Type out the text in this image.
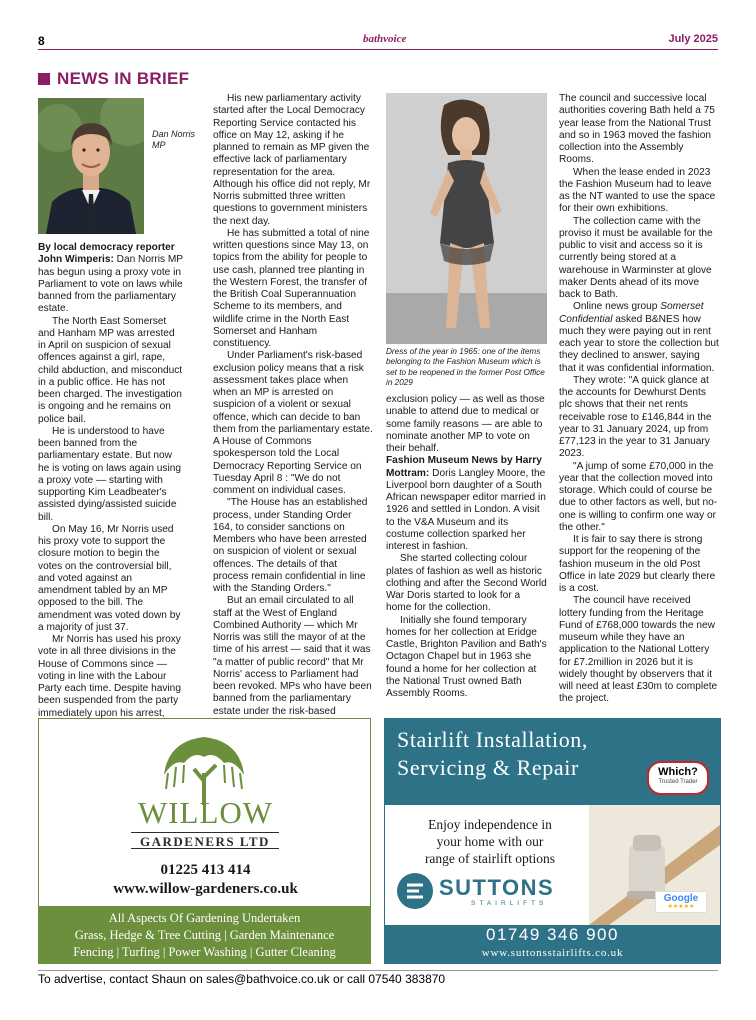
8	bathvoice	July 2025
NEWS IN BRIEF
Dan Norris
MP

By local democracy reporter John Wimperis: Dan Norris MP has begun using a proxy vote in Parliament to vote on laws while banned from the parliamentary estate.

The North East Somerset and Hanham MP was arrested in April on suspicion of sexual offences against a girl, rape, child abduction, and misconduct in a public office. He has not been charged. The investigation is ongoing and he remains on police bail.

He is understood to have been banned from the parliamentary estate. But now he is voting on laws again using a proxy vote — starting with supporting Kim Leadbeater's assisted dying/assisted suicide bill.

On May 16, Mr Norris used his proxy vote to support the closure motion to begin the votes on the controversial bill, and voted against an amendment tabled by an MP opposed to the bill. The amendment was voted down by a majority of just 37.

Mr Norris has used his proxy vote in all three divisions in the House of Commons since — voting in line with the Labour Party each time. Despite having been suspended from the party immediately upon his arrest,

His new parliamentary activity started after the Local Democracy Reporting Service contacted his office on May 12, asking if he planned to remain as MP given the effective lack of parliamentary representation for the area. Although his office did not reply, Mr Norris submitted three written questions to government ministers the next day.

He has submitted a total of nine written questions since May 13, on topics from the ability for people to use cash, planned tree planting in the Western Forest, the transfer of the British Coal Superannuation Scheme to its members, and wildlife crime in the North East Somerset and Hanham constituency.

Under Parliament's risk-based exclusion policy means that a risk assessment takes place when when an MP is arrested on suspicion of a violent or sexual offence, which can decide to ban them from the parliamentary estate. A House of Commons spokesperson told the Local Democracy Reporting Service on Tuesday April 8 : "We do not comment on individual cases.

"The House has an established process, under Standing Order 164, to consider sanctions on Members who have been arrested on suspicion of violent or sexual offences. The details of that process remain confidential in line with the Standing Orders."

But an email circulated to all staff at the West of England Combined Authority — which Mr Norris was still the mayor of at the time of his arrest — said that it was "a matter of public record" that Mr Norris' access to Parliament had been revoked. MPs who have been banned from the parliamentary estate under the risk-based

Dress of the year in 1965: one of the items belonging to the Fashion Museum which is set to be reopened in the former Post Office in 2029

exclusion policy — as well as those unable to attend due to medical or some family reasons — are able to nominate another MP to vote on their behalf.

Fashion Museum News by Harry Mottram: Doris Langley Moore, the Liverpool born daughter of a South African newspaper editor married in 1926 and settled in London. A visit to the V&A Museum and its costume collection sparked her interest in fashion.

She started collecting colour plates of fashion as well as historic clothing and after the Second World War Doris started to look for a home for the collection.

Initially she found temporary homes for her collection at Eridge Castle, Brighton Pavilion and Bath's Octagon Chapel but in 1963 she found a home for her collection at the National Trust owned Bath Assembly Rooms.

The council and successive local authorities covering Bath held a 75 year lease from the National Trust and so in 1963 moved the fashion collection into the Assembly Rooms.

When the lease ended in 2023 the Fashion Museum had to leave as the NT wanted to use the space for their own exhibitions.

The collection came with the proviso it must be available for the public to visit and access so it is currently being stored at a warehouse in Warminster at glove maker Dents ahead of its move back to Bath.

Online news group Somerset Confidential asked B&NES how much they were paying out in rent each year to store the collection but they declined to answer, saying that it was confidential information.

They wrote: "A quick glance at the accounts for Dewhurst Dents plc shows that their net rents receivable rose to £146,844 in the year to 31 January 2024, up from £77,123 in the year to 31 January 2023.

"A jump of some £70,000 in the year that the collection moved into storage. Which could of course be due to other factors as well, but no-one is willing to confirm one way or the other."

It is fair to say there is strong support for the reopening of the fashion museum in the old Post Office in late 2029 but clearly there is a cost.

The council have received lottery funding from the Heritage Fund of £768,000 towards the new museum while they have an application to the National Lottery for £7.2million in 2026 but it is widely thought by observers that it will need at least £30m to complete the project.

WILLOW
GARDENERS LTD
01225 413 414
www.willow-gardeners.co.uk
All Aspects Of Gardening Undertaken
Grass, Hedge & Tree Cutting | Garden Maintenance
Fencing | Turfing | Power Washing | Gutter Cleaning
Stairlift Installation,
Servicing & Repair	Which?
Trusted Trader
Enjoy independence in
your home with our
range of stairlift options
SUTTONS
STAIRLIFTS	Google
★★★★★
01749 346 900
www.suttonsstairlifts.co.uk
To advertise, contact Shaun on sales@bathvoice.co.uk or call 07540 383870
